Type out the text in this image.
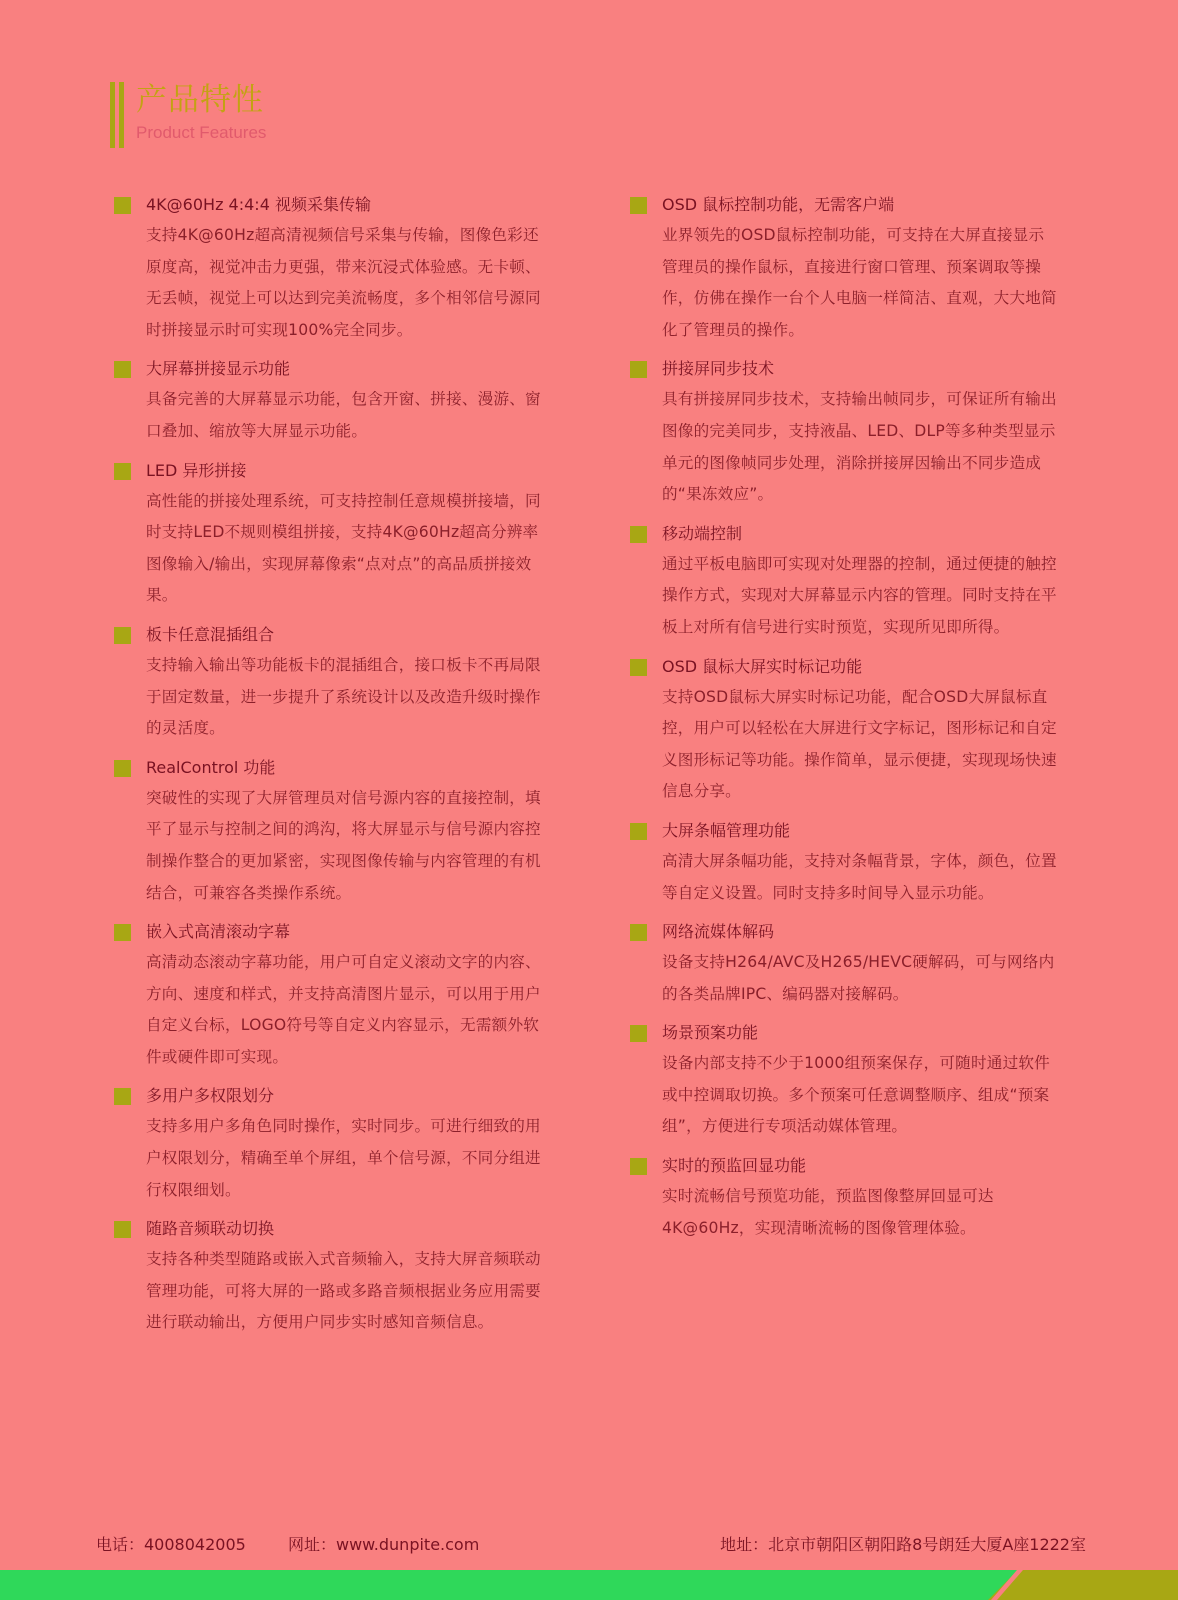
产品特性
Product Features
4K@60Hz 4:4:4 视频采集传输
支持4K@60Hz超高清视频信号采集与传输，图像色彩还原度高，视觉冲击力更强，带来沉浸式体验感。无卡顿、无丢帧，视觉上可以达到完美流畅度，多个相邻信号源同时拼接显示时可实现100%完全同步。
大屏幕拼接显示功能
具备完善的大屏幕显示功能，包含开窗、拼接、漫游、窗口叠加、缩放等大屏显示功能。
LED 异形拼接
高性能的拼接处理系统，可支持控制任意规模拼接墙，同时支持LED不规则模组拼接，支持4K@60Hz超高分辨率图像输入/输出，实现屏幕像索“点对点”的高品质拼接效果。
板卡任意混插组合
支持输入输出等功能板卡的混插组合，接口板卡不再局限于固定数量，进一步提升了系统设计以及改造升级时操作的灵活度。
RealControl 功能
突破性的实现了大屏管理员对信号源内容的直接控制，填平了显示与控制之间的鸿沟，将大屏显示与信号源内容控制操作整合的更加紧密，实现图像传输与内容管理的有机结合，可兼容各类操作系统。
嵌入式高清滚动字幕
高清动态滚动字幕功能，用户可自定义滚动文字的内容、方向、速度和样式，并支持高清图片显示，可以用于用户自定义台标，LOGO符号等自定义内容显示，无需额外软件或硬件即可实现。
多用户多权限划分
支持多用户多角色同时操作，实时同步。可进行细致的用户权限划分，精确至单个屏组，单个信号源，不同分组进行权限细划。
随路音频联动切换
支持各种类型随路或嵌入式音频输入，支持大屏音频联动管理功能，可将大屏的一路或多路音频根据业务应用需要进行联动输出，方便用户同步实时感知音频信息。
OSD 鼠标控制功能，无需客户端
业界领先的OSD鼠标控制功能，可支持在大屏直接显示管理员的操作鼠标，直接进行窗口管理、预案调取等操作，仿佛在操作一台个人电脑一样简洁、直观，大大地简化了管理员的操作。
拼接屏同步技术
具有拼接屏同步技术，支持输出帧同步，可保证所有输出图像的完美同步，支持液晶、LED、DLP等多种类型显示单元的图像帧同步处理，消除拼接屏因输出不同步造成的“果冻效应”。
移动端控制
通过平板电脑即可实现对处理器的控制，通过便捷的触控操作方式，实现对大屏幕显示内容的管理。同时支持在平板上对所有信号进行实时预览，实现所见即所得。
OSD 鼠标大屏实时标记功能
支持OSD鼠标大屏实时标记功能，配合OSD大屏鼠标直控，用户可以轻松在大屏进行文字标记，图形标记和自定义图形标记等功能。操作简单，显示便捷，实现现场快速信息分享。
大屏条幅管理功能
高清大屏条幅功能，支持对条幅背景，字体，颜色，位置等自定义设置。同时支持多时间导入显示功能。
网络流媒体解码
设备支持H264/AVC及H265/HEVC硬解码，可与网络内的各类品牌IPC、编码器对接解码。
场景预案功能
设备内部支持不少于1000组预案保存，可随时通过软件或中控调取切换。多个预案可任意调整顺序、组成“预案组”，方便进行专项活动媒体管理。
实时的预监回显功能
实时流畅信号预览功能，预监图像整屏回显可达4K@60Hz，实现清晰流畅的图像管理体验。
电话：4008042005	网址：www.dunpite.com	地址：北京市朝阳区朝阳路8号朗廷大厦A座1222室
